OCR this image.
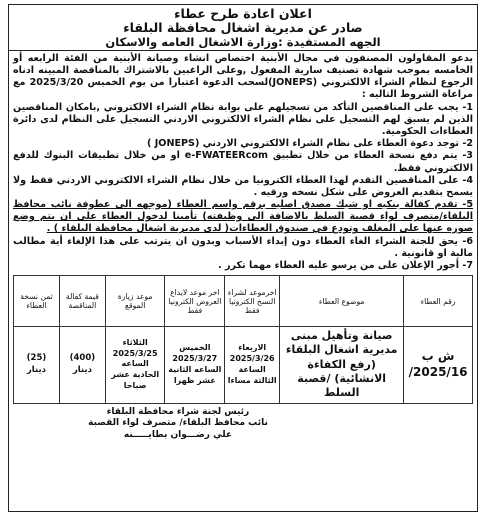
اعلان اعادة طرح عطاء
صادر عن مديرية اشغال محافظة البلقاء
الجهه المستفيدة :وزارة الاشغال العامه والاسكان

يدعو المقاولون المصنفون في مجال الأبنية اختصاص انشاء وصيانة الأبنية من الفئة الرابعه أو الخامسه بموجب شهادة تصنيف سارية المفعول ,وعلى الراغبين بالاشتراك بالمناقصة المبينه ادناه الرجوع لنظام الشراء الالكتروني (JONEPS)لسحب الدعوة اعتبارا من يوم الخميس 2025/3/20 مع مراعاة الشروط التاليه :

1- يجب على المناقصين التأكد من تسجيلهم على بوابة نظام الشراء الالكتروني ,بامكان المناقصين الذين لم يسبق لهم التسجيل على نظام الشراء الالكتروني الاردني التسجيل على النظام لدى دائرة العطاءات الحكومية.

2- توجد دعوة العطاء على نظام الشراء الالكتروني الاردني (JONEPS )

3- يتم دفع نسخة العطاء من خلال تطبيق e-FWATEERcom او من خلال تطبيقات البنوك للدفع الالكتروني فقط.

4- على المناقصين التقدم لهذا العطاء الكترونيا من خلال نظام الشراء الالكتروني الاردني فقط ولا يسمح بتقديم العروض على شكل نسخه ورقيه .

5- تقدم كفالة بنكيه او شيك مصدق اصليه برقم واسم العطاء (موجهه الى عطوفة نائب محافظ البلقاء/متصرف لواء قصبة السلط بالاضافة الى وظيفته) تأمينا لدخول العطاء على ان يتم وضع صوره عنها على المغلف وتودع في صندوق العطاءات( لدى مديرية اشغال محافظة البلقاء ) .

6- يحق للجنة الشراء الغاء العطاء دون إبداء الأسباب وبدون ان يترتب على هذا الإلغاء أية مطالب مالية او قانونية .

7- أجور الإعلان على من يرسو عليه العطاء مهما تكرر .

رقم العطاء	موضوع العطاء	اخرموعد لشراء النسخ الكترونيا فقط	اخر موعد لايداع العروض الكترونيا فقط	موعد زيارة الموقع	قيمة كفالة المناقصة	ثمن نسخة العطاء
ش ب 2025/16/	صيانة وتأهيل مبنى مديرية اشغال البلقاء (رفع الكفاءة الانشائية) /قصبة السلط	الاربعاء 2025/3/26 الساعة الثالثة مساءا	الخميس 2025/3/27 الساعه الثانية عشر ظهرا	الثلاثاء 2025/3/25 الساعه الحادية عشر صباحا	(400) دينار	(25) دينار
رئيس لجنة شراء محافظة البلقاء
نائب محافظ البلقاء/ متصرف لواء القصبة
علي رضـــوان بطايـــــنه
